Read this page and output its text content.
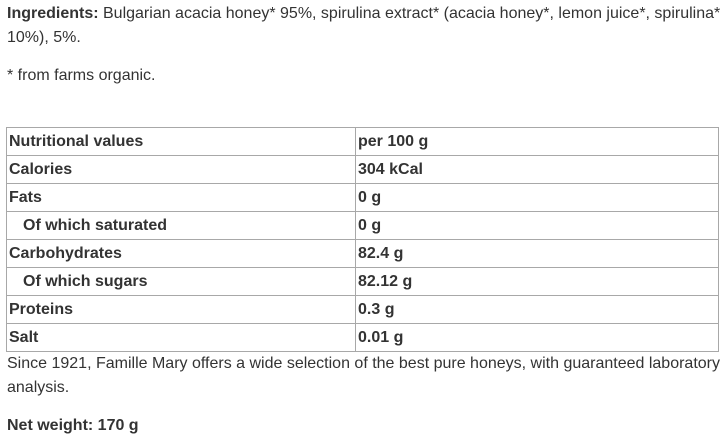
Ingredients: Bulgarian acacia honey* 95%, spirulina extract* (acacia honey*, lemon juice*, spirulina* 10%), 5%.

* from farms organic.

Nutritional values	per 100 g
Calories	304 kCal
Fats	0 g
Of which saturated	0 g
Carbohydrates	82.4 g
Of which sugars	82.12 g
Proteins	0.3 g
Salt	0.01 g

Since 1921, Famille Mary offers a wide selection of the best pure honeys, with guaranteed laboratory analysis.

Net weight: 170 g
